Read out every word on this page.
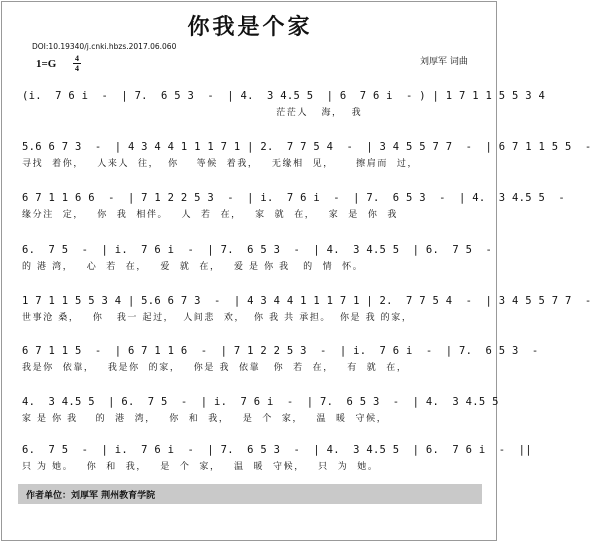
你我是个家
DOI:10.19340/j.cnki.hbzs.2017.06.060
1=G 4
4
刘厚军 词曲
(i.  7 6 i  -  | 7.  6 5 3  -  | 4.  3 4.5 5  | 6  7 6 i  - ) | 1 7 1 1 5 5 3 4
茫茫人   海，  我
5.6 6 7 3  -  | 4 3 4 4 1 1 1 7 1 | 2.  7 7 5 4  -  | 3 4 5 5 7 7  -  | 6 7 1 1 5 5  -
寻找  着你，   人来人  往，  你    等候  着我，   无缘相  见，     擦肩而  过，
6 7 1 1 6 6  -  | 7 1 2 2 5 3  -  | i.  7 6 i  -  | 7.  6 5 3  -  | 4.  3 4.5 5  -
缘分注  定，   你  我  相伴。   人  若  在，   家  就  在，   家  是  你  我
6.  7 5  -  | i.  7 6 i  -  | 7.  6 5 3  -  | 4.  3 4.5 5  | 6.  7 5  -
的 港 湾，   心  若  在，   爱  就  在，   爱 是 你 我   的  情  怀。
1 7 1 1 5 5 3 4 | 5.6 6 7 3  -  | 4 3 4 4 1 1 1 7 1 | 2.  7 7 5 4  -  | 3 4 5 5 7 7  -
世事沧 桑，   你   我一 起过，  人间悲  欢，  你 我 共 承担。  你是 我 的家，
6 7 1 1 5  -  | 6 7 1 1 6  -  | 7 1 2 2 5 3  -  | i.  7 6 i  -  | 7.  6 5 3  -
我是你  依靠，   我是你  的家，   你是 我  依靠   你  若  在，   有  就  在，
4.  3 4.5 5  | 6.  7 5  -  | i.  7 6 i  -  | 7.  6 5 3  -  | 4.  3 4.5 5
家 是 你 我    的  港  湾，   你  和  我，   是  个  家，   温  暖  守候，
6.  7 5  -  | i.  7 6 i  -  | 7.  6 5 3  -  | 4.  3 4.5 5  | 6.  7 6 i  -  ||
只 为 她。   你  和  我，   是  个  家，   温  暖  守候，   只  为  她。
作者单位：刘厚军 荆州教育学院
